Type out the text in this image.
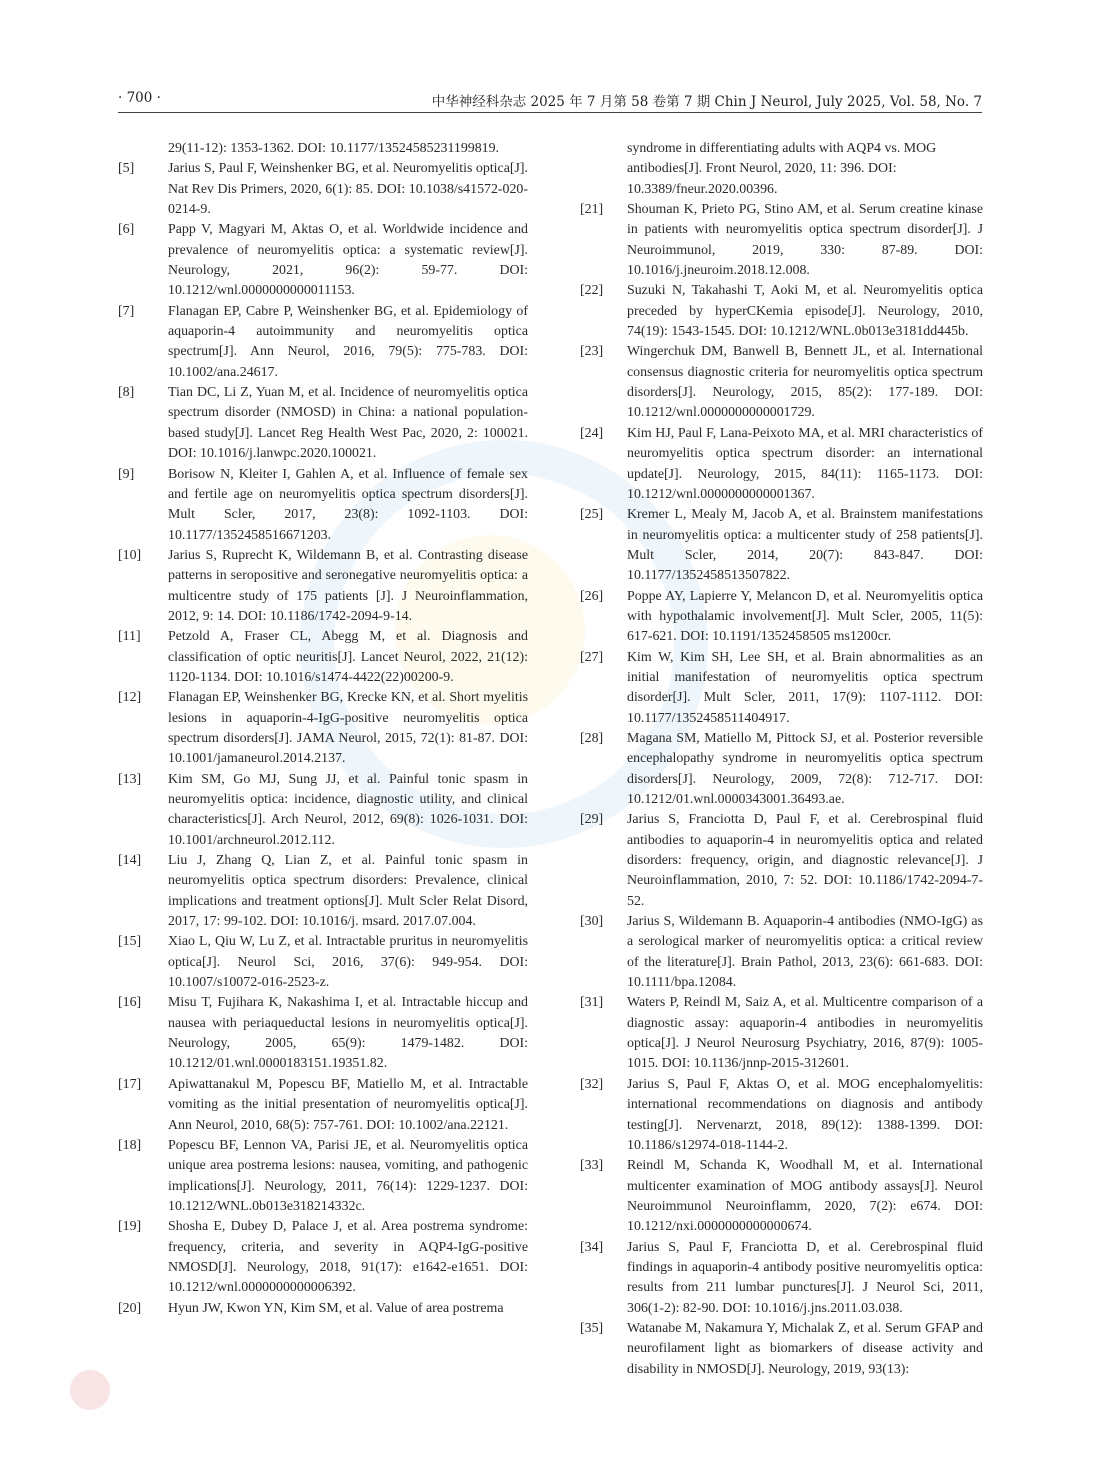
· 700 ·	中华神经科杂志 2025 年 7 月第 58 卷第 7 期 Chin J Neurol, July 2025, Vol. 58, No. 7
29(11-12): 1353-1362. DOI: 10.1177/13524585231199819.
[5]	Jarius S, Paul F, Weinshenker BG, et al. Neuromyelitis optica[J]. Nat Rev Dis Primers, 2020, 6(1): 85. DOI: 10.1038/s41572-020-0214-9.
[6]	Papp V, Magyari M, Aktas O, et al. Worldwide incidence and prevalence of neuromyelitis optica: a systematic review[J]. Neurology, 2021, 96(2): 59-77. DOI: 10.1212/wnl.0000000000011153.
[7]	Flanagan EP, Cabre P, Weinshenker BG, et al. Epidemiology of aquaporin-4 autoimmunity and neuromyelitis optica spectrum[J]. Ann Neurol, 2016, 79(5): 775-783. DOI: 10.1002/ana.24617.
[8]	Tian DC, Li Z, Yuan M, et al. Incidence of neuromyelitis optica spectrum disorder (NMOSD) in China: a national population-based study[J]. Lancet Reg Health West Pac, 2020, 2: 100021. DOI: 10.1016/j.lanwpc.2020.100021.
[9]	Borisow N, Kleiter I, Gahlen A, et al. Influence of female sex and fertile age on neuromyelitis optica spectrum disorders[J]. Mult Scler, 2017, 23(8): 1092-1103. DOI: 10.1177/1352458516671203.
[10]	Jarius S, Ruprecht K, Wildemann B, et al. Contrasting disease patterns in seropositive and seronegative neuromyelitis optica: a multicentre study of 175 patients [J]. J Neuroinflammation, 2012, 9: 14. DOI: 10.1186/1742-2094-9-14.
[11]	Petzold A, Fraser CL, Abegg M, et al. Diagnosis and classification of optic neuritis[J]. Lancet Neurol, 2022, 21(12): 1120-1134. DOI: 10.1016/s1474-4422(22)00200-9.
[12]	Flanagan EP, Weinshenker BG, Krecke KN, et al. Short myelitis lesions in aquaporin-4-IgG-positive neuromyelitis optica spectrum disorders[J]. JAMA Neurol, 2015, 72(1): 81-87. DOI: 10.1001/jamaneurol.2014.2137.
[13]	Kim SM, Go MJ, Sung JJ, et al. Painful tonic spasm in neuromyelitis optica: incidence, diagnostic utility, and clinical characteristics[J]. Arch Neurol, 2012, 69(8): 1026-1031. DOI: 10.1001/archneurol.2012.112.
[14]	Liu J, Zhang Q, Lian Z, et al. Painful tonic spasm in neuromyelitis optica spectrum disorders: Prevalence, clinical implications and treatment options[J]. Mult Scler Relat Disord, 2017, 17: 99-102. DOI: 10.1016/j. msard. 2017.07.004.
[15]	Xiao L, Qiu W, Lu Z, et al. Intractable pruritus in neuromyelitis optica[J]. Neurol Sci, 2016, 37(6): 949-954. DOI: 10.1007/s10072-016-2523-z.
[16]	Misu T, Fujihara K, Nakashima I, et al. Intractable hiccup and nausea with periaqueductal lesions in neuromyelitis optica[J]. Neurology, 2005, 65(9): 1479-1482. DOI: 10.1212/01.wnl.0000183151.19351.82.
[17]	Apiwattanakul M, Popescu BF, Matiello M, et al. Intractable vomiting as the initial presentation of neuromyelitis optica[J]. Ann Neurol, 2010, 68(5): 757-761. DOI: 10.1002/ana.22121.
[18]	Popescu BF, Lennon VA, Parisi JE, et al. Neuromyelitis optica unique area postrema lesions: nausea, vomiting, and pathogenic implications[J]. Neurology, 2011, 76(14): 1229-1237. DOI: 10.1212/WNL.0b013e318214332c.
[19]	Shosha E, Dubey D, Palace J, et al. Area postrema syndrome: frequency, criteria, and severity in AQP4-IgG-positive NMOSD[J]. Neurology, 2018, 91(17): e1642-e1651. DOI: 10.1212/wnl.0000000000006392.
[20]	Hyun JW, Kwon YN, Kim SM, et al. Value of area postrema
syndrome in differentiating adults with AQP4 vs. MOG antibodies[J]. Front Neurol, 2020, 11: 396. DOI: 10.3389/fneur.2020.00396.
[21]	Shouman K, Prieto PG, Stino AM, et al. Serum creatine kinase in patients with neuromyelitis optica spectrum disorder[J]. J Neuroimmunol, 2019, 330: 87-89. DOI: 10.1016/j.jneuroim.2018.12.008.
[22]	Suzuki N, Takahashi T, Aoki M, et al. Neuromyelitis optica preceded by hyperCKemia episode[J]. Neurology, 2010, 74(19): 1543-1545. DOI: 10.1212/WNL.0b013e3181dd445b.
[23]	Wingerchuk DM, Banwell B, Bennett JL, et al. International consensus diagnostic criteria for neuromyelitis optica spectrum disorders[J]. Neurology, 2015, 85(2): 177-189. DOI: 10.1212/wnl.0000000000001729.
[24]	Kim HJ, Paul F, Lana-Peixoto MA, et al. MRI characteristics of neuromyelitis optica spectrum disorder: an international update[J]. Neurology, 2015, 84(11): 1165-1173. DOI: 10.1212/wnl.0000000000001367.
[25]	Kremer L, Mealy M, Jacob A, et al. Brainstem manifestations in neuromyelitis optica: a multicenter study of 258 patients[J]. Mult Scler, 2014, 20(7): 843-847. DOI: 10.1177/1352458513507822.
[26]	Poppe AY, Lapierre Y, Melancon D, et al. Neuromyelitis optica with hypothalamic involvement[J]. Mult Scler, 2005, 11(5): 617-621. DOI: 10.1191/1352458505 ms1200cr.
[27]	Kim W, Kim SH, Lee SH, et al. Brain abnormalities as an initial manifestation of neuromyelitis optica spectrum disorder[J]. Mult Scler, 2011, 17(9): 1107-1112. DOI: 10.1177/1352458511404917.
[28]	Magana SM, Matiello M, Pittock SJ, et al. Posterior reversible encephalopathy syndrome in neuromyelitis optica spectrum disorders[J]. Neurology, 2009, 72(8): 712-717. DOI: 10.1212/01.wnl.0000343001.36493.ae.
[29]	Jarius S, Franciotta D, Paul F, et al. Cerebrospinal fluid antibodies to aquaporin-4 in neuromyelitis optica and related disorders: frequency, origin, and diagnostic relevance[J]. J Neuroinflammation, 2010, 7: 52. DOI: 10.1186/1742-2094-7-52.
[30]	Jarius S, Wildemann B. Aquaporin-4 antibodies (NMO-IgG) as a serological marker of neuromyelitis optica: a critical review of the literature[J]. Brain Pathol, 2013, 23(6): 661-683. DOI: 10.1111/bpa.12084.
[31]	Waters P, Reindl M, Saiz A, et al. Multicentre comparison of a diagnostic assay: aquaporin-4 antibodies in neuromyelitis optica[J]. J Neurol Neurosurg Psychiatry, 2016, 87(9): 1005-1015. DOI: 10.1136/jnnp-2015-312601.
[32]	Jarius S, Paul F, Aktas O, et al. MOG encephalomyelitis: international recommendations on diagnosis and antibody testing[J]. Nervenarzt, 2018, 89(12): 1388-1399. DOI: 10.1186/s12974-018-1144-2.
[33]	Reindl M, Schanda K, Woodhall M, et al. International multicenter examination of MOG antibody assays[J]. Neurol Neuroimmunol Neuroinflamm, 2020, 7(2): e674. DOI: 10.1212/nxi.0000000000000674.
[34]	Jarius S, Paul F, Franciotta D, et al. Cerebrospinal fluid findings in aquaporin-4 antibody positive neuromyelitis optica: results from 211 lumbar punctures[J]. J Neurol Sci, 2011, 306(1-2): 82-90. DOI: 10.1016/j.jns.2011.03.038.
[35]	Watanabe M, Nakamura Y, Michalak Z, et al. Serum GFAP and neurofilament light as biomarkers of disease activity and disability in NMOSD[J]. Neurology, 2019, 93(13):
